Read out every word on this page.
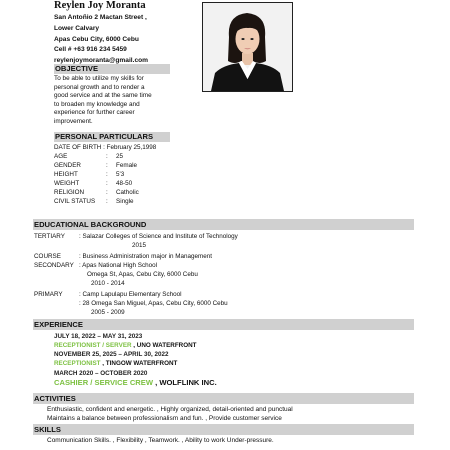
Reylen Joy Moranta
San Antoñio 2 Mactan Street ,
Lower Calvary
Apas Cebu City, 6000 Cebu
Cell # +63 916 234 5459
reylenjoymoranta@gmail.com
OBJECTIVE
To be able to utilize my skills for
personal growth and to render a
good service and at the same time
to broaden my knowledge and
experience for further career
improvement.
PERSONAL PARTICULARS
DATE OF BIRTH : February 25,1998
AGE	: 25
GENDER	: Female
HEIGHT	: 5'3
WEIGHT	: 48-50
RELIGION	: Catholic
CIVIL STATUS : Single
EDUCATIONAL BACKGROUND
TERTIARY : Salazar Colleges of Science and Institute of Technology
2015
COURSE	: Business Administration major in Management
SECONDARY : Apas National High School
Omega St, Apas, Cebu City, 6000 Cebu
2010 - 2014
PRIMARY	: Camp Lapulapu Elementary School
: 28 Omega San Miguel, Apas, Cebu City, 6000 Cebu
2005 - 2009
EXPERIENCE
JULY 18, 2022 – MAY 31, 2023
RECEPTIONIST / SERVER , UNO WATERFRONT
NOVEMBER 25, 2025 – APRIL 30, 2022
RECEPTIONIST , TINGOW WATERFRONT
MARCH 2020 – OCTOBER 2020
CASHIER / SERVICE CREW , WOLFLINK INC.
ACTIVITIES
Enthusiastic, confident and energetic. , Highly organized, detail-oriented and punctual
Maintains a balance between professionalism and fun. , Provide customer service
SKILLS
Communication Skills. , Flexibility , Teamwork. , Ability to work Under-pressure.
